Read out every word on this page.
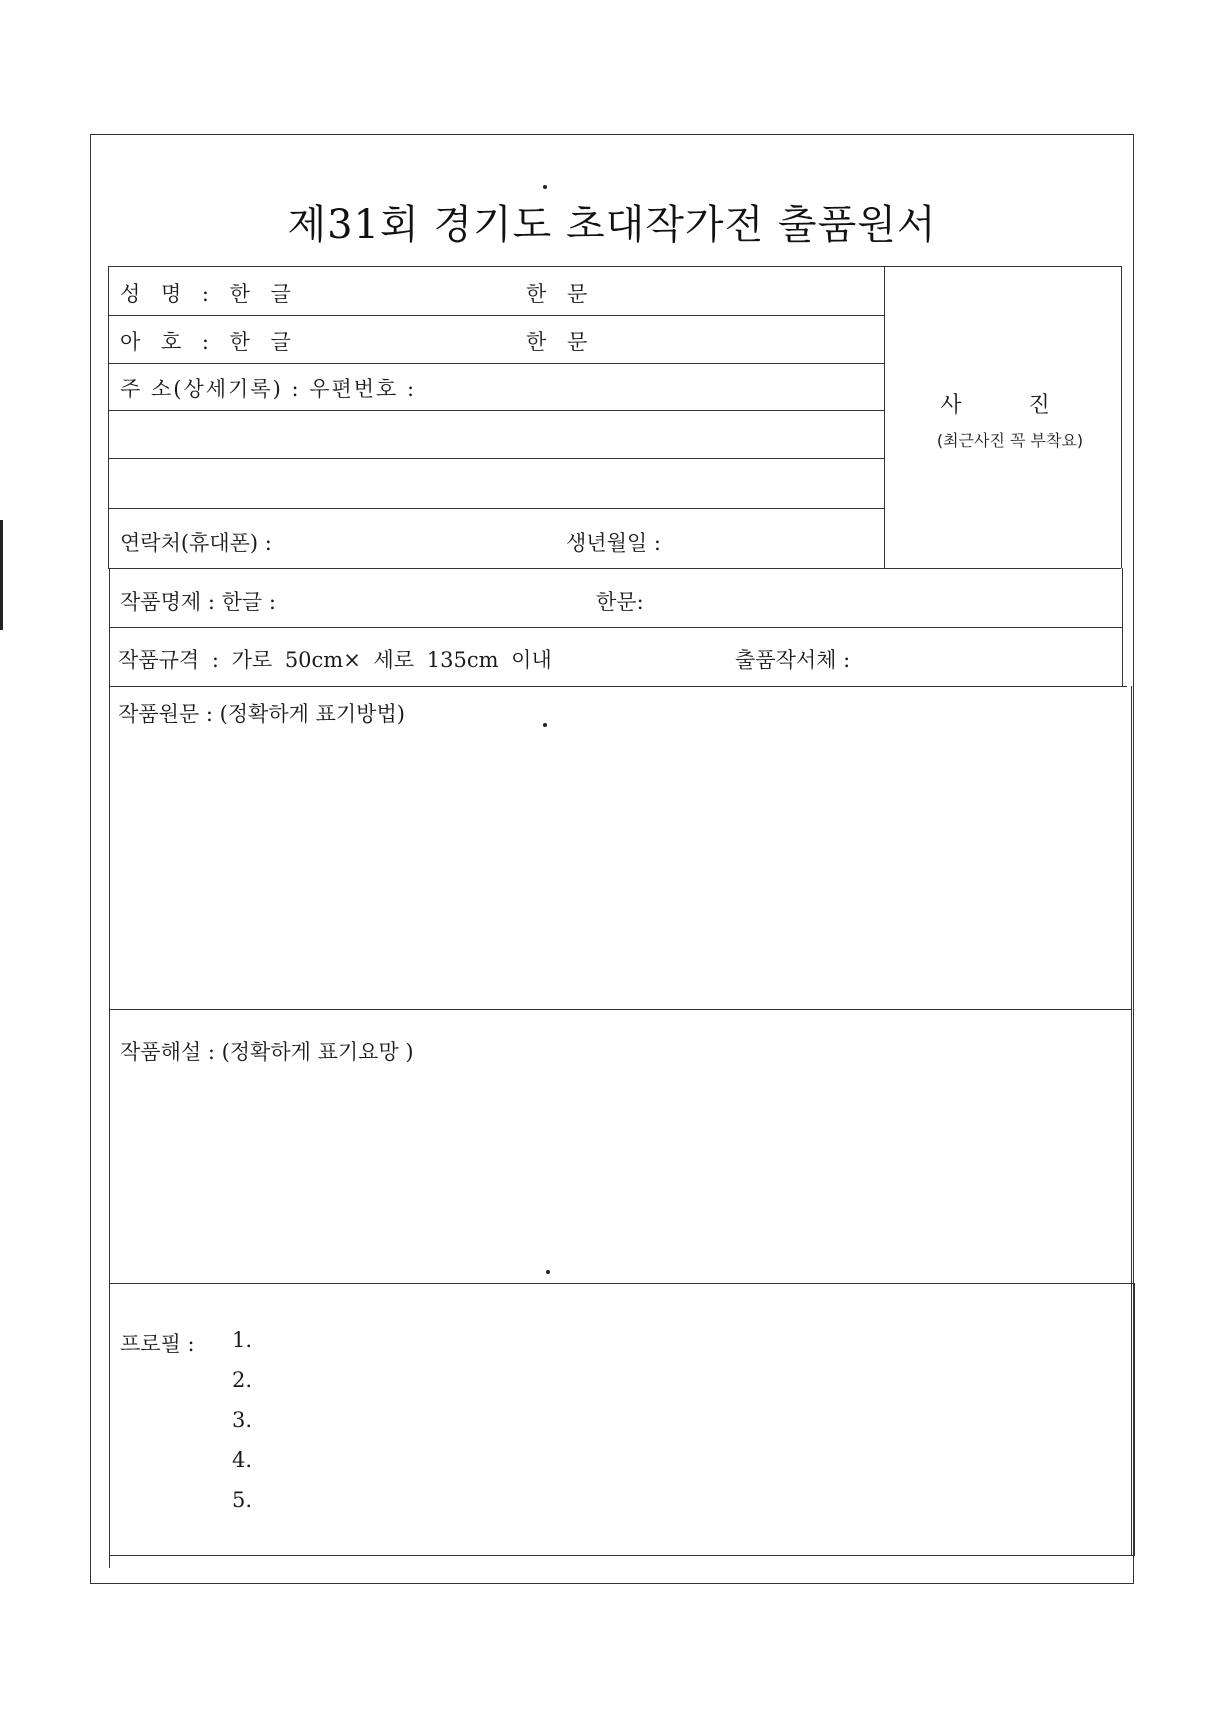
제31회 경기도 초대작가전 출품원서
성 명 : 한 글	한 문
아 호 : 한 글	한 문
주 소(상세기록) : 우편번호 :
연락처(휴대폰) :	생년월일 :
사 진
(최근사진 꼭 부착요)
작품명제 : 한글 :	한문:
작품규격 : 가로 50cm× 세로 135cm 이내	출품작서체 :
작품원문 : (정확하게 표기방법)
작품해설 : (정확하게 표기요망 )
프로필 : 1.
2.
3.
4.
5.
